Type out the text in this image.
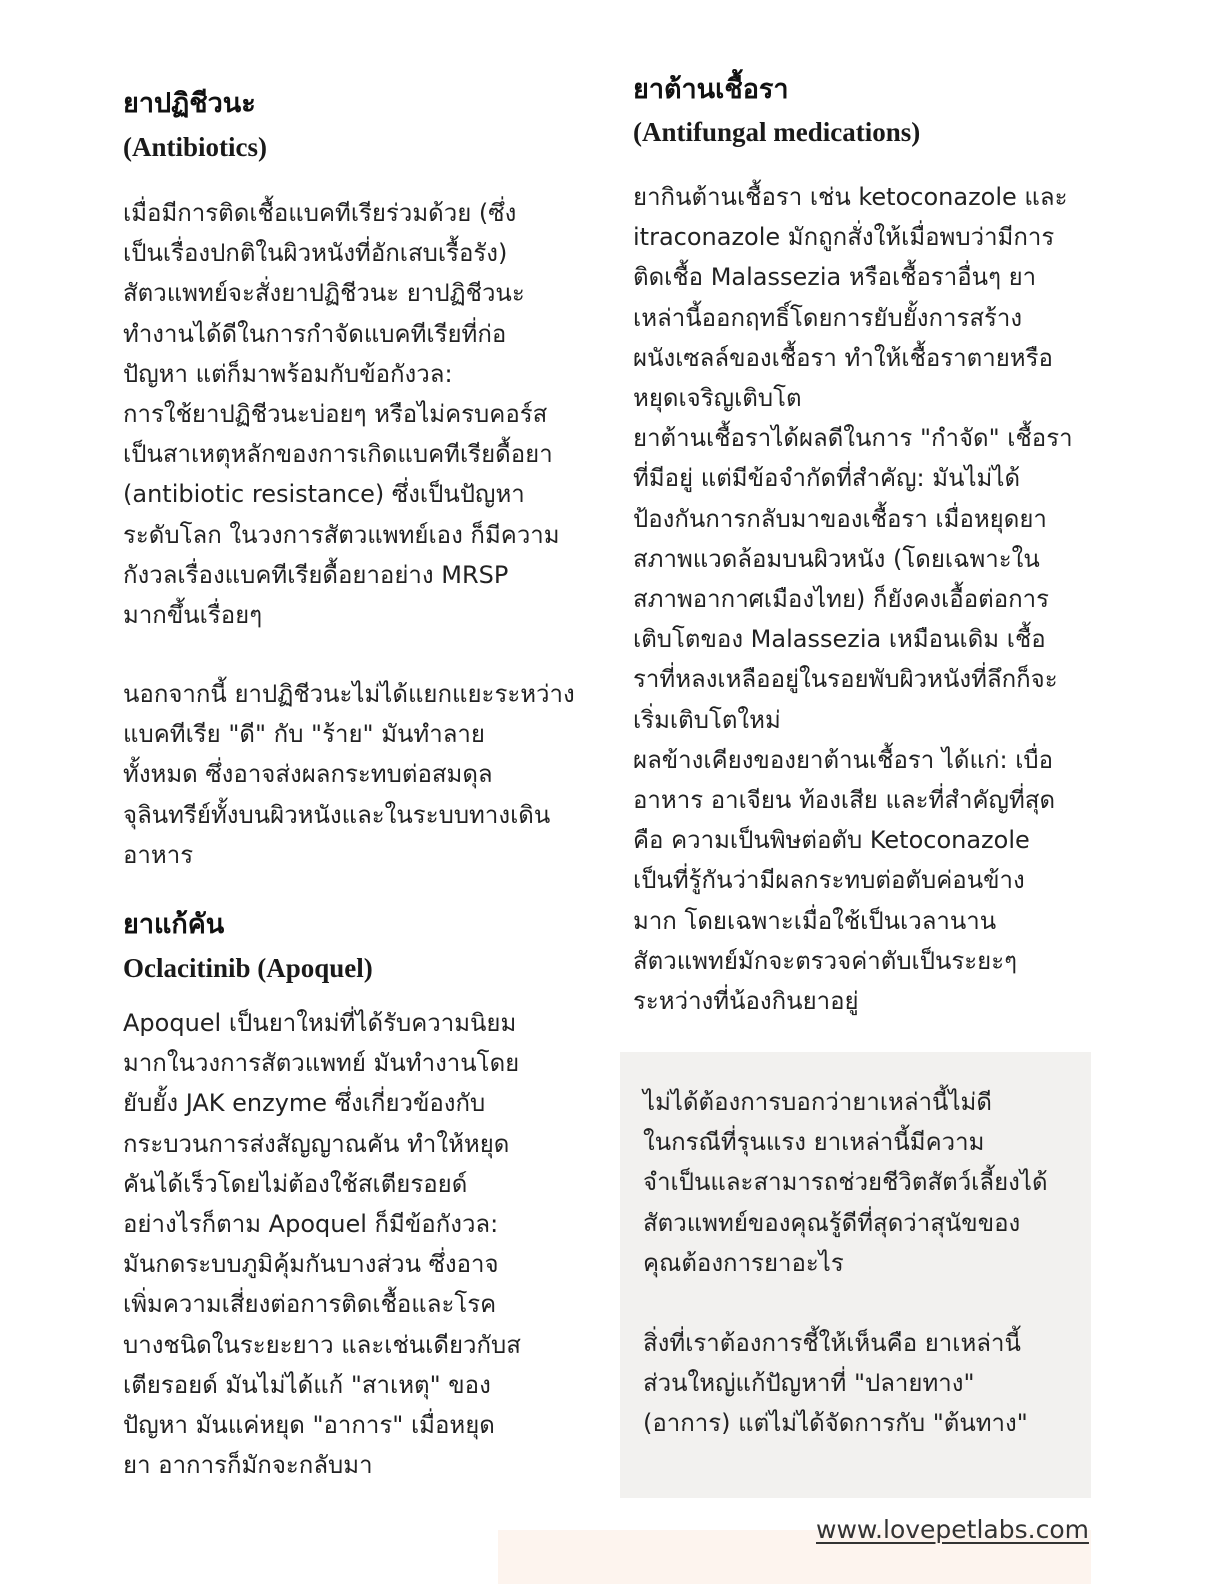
ยาปฏิชีวนะ
(Antibiotics)

เมื่อมีการติดเชื้อแบคทีเรียร่วมด้วย (ซึ่ง
เป็นเรื่องปกติในผิวหนังที่อักเสบเรื้อรัง)
สัตวแพทย์จะสั่งยาปฏิชีวนะ ยาปฏิชีวนะ
ทำงานได้ดีในการกำจัดแบคทีเรียที่ก่อ
ปัญหา แต่ก็มาพร้อมกับข้อกังวล:
การใช้ยาปฏิชีวนะบ่อยๆ หรือไม่ครบคอร์ส
เป็นสาเหตุหลักของการเกิดแบคทีเรียดื้อยา
(antibiotic resistance) ซึ่งเป็นปัญหา
ระดับโลก ในวงการสัตวแพทย์เอง ก็มีความ
กังวลเรื่องแบคทีเรียดื้อยาอย่าง MRSP
มากขึ้นเรื่อยๆ

นอกจากนี้ ยาปฏิชีวนะไม่ได้แยกแยะระหว่าง
แบคทีเรีย "ดี" กับ "ร้าย" มันทำลาย
ทั้งหมด ซึ่งอาจส่งผลกระทบต่อสมดุล
จุลินทรีย์ทั้งบนผิวหนังและในระบบทางเดิน
อาหาร

ยาแก้คัน
Oclacitinib (Apoquel)

Apoquel เป็นยาใหม่ที่ได้รับความนิยม
มากในวงการสัตวแพทย์ มันทำงานโดย
ยับยั้ง JAK enzyme ซึ่งเกี่ยวข้องกับ
กระบวนการส่งสัญญาณคัน ทำให้หยุด
คันได้เร็วโดยไม่ต้องใช้สเตียรอยด์
อย่างไรก็ตาม Apoquel ก็มีข้อกังวล:
มันกดระบบภูมิคุ้มกันบางส่วน ซึ่งอาจ
เพิ่มความเสี่ยงต่อการติดเชื้อและโรค
บางชนิดในระยะยาว และเช่นเดียวกับส
เตียรอยด์ มันไม่ได้แก้ "สาเหตุ" ของ
ปัญหา มันแค่หยุด "อาการ" เมื่อหยุด
ยา อาการก็มักจะกลับมา

ยาต้านเชื้อรา
(Antifungal medications)

ยากินต้านเชื้อรา เช่น ketoconazole และ
itraconazole มักถูกสั่งให้เมื่อพบว่ามีการ
ติดเชื้อ Malassezia หรือเชื้อราอื่นๆ ยา
เหล่านี้ออกฤทธิ์โดยการยับยั้งการสร้าง
ผนังเซลล์ของเชื้อรา ทำให้เชื้อราตายหรือ
หยุดเจริญเติบโต
ยาต้านเชื้อราได้ผลดีในการ "กำจัด" เชื้อรา
ที่มีอยู่ แต่มีข้อจำกัดที่สำคัญ: มันไม่ได้
ป้องกันการกลับมาของเชื้อรา เมื่อหยุดยา
สภาพแวดล้อมบนผิวหนัง (โดยเฉพาะใน
สภาพอากาศเมืองไทย) ก็ยังคงเอื้อต่อการ
เติบโตของ Malassezia เหมือนเดิม เชื้อ
ราที่หลงเหลืออยู่ในรอยพับผิวหนังที่ลึกก็จะ
เริ่มเติบโตใหม่
ผลข้างเคียงของยาต้านเชื้อรา ได้แก่: เบื่อ
อาหาร อาเจียน ท้องเสีย และที่สำคัญที่สุด
คือ ความเป็นพิษต่อตับ Ketoconazole
เป็นที่รู้กันว่ามีผลกระทบต่อตับค่อนข้าง
มาก โดยเฉพาะเมื่อใช้เป็นเวลานาน
สัตวแพทย์มักจะตรวจค่าตับเป็นระยะๆ
ระหว่างที่น้องกินยาอยู่

ไม่ได้ต้องการบอกว่ายาเหล่านี้ไม่ดี
ในกรณีที่รุนแรง ยาเหล่านี้มีความ
จำเป็นและสามารถช่วยชีวิตสัตว์เลี้ยงได้
สัตวแพทย์ของคุณรู้ดีที่สุดว่าสุนัขของ
คุณต้องการยาอะไร

สิ่งที่เราต้องการชี้ให้เห็นคือ ยาเหล่านี้
ส่วนใหญ่แก้ปัญหาที่ "ปลายทาง"
(อาการ) แต่ไม่ได้จัดการกับ "ต้นทาง"

www.lovepetlabs.com
